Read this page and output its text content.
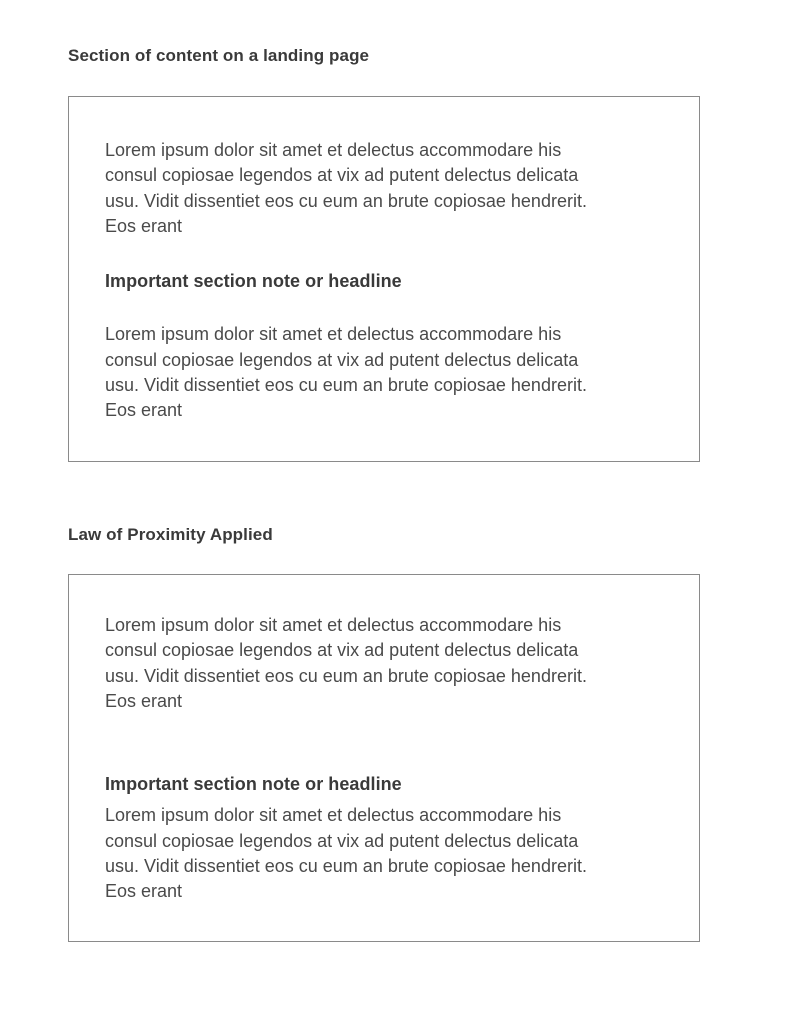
Section of content on a landing page

Lorem ipsum dolor sit amet et delectus accommodare his consul copiosae legendos at vix ad putent delectus delicata usu. Vidit dissentiet eos cu eum an brute copiosae hendrerit. Eos erant

Important section note or headline

Lorem ipsum dolor sit amet et delectus accommodare his consul copiosae legendos at vix ad putent delectus delicata usu. Vidit dissentiet eos cu eum an brute copiosae hendrerit. Eos erant

Law of Proximity Applied

Lorem ipsum dolor sit amet et delectus accommodare his consul copiosae legendos at vix ad putent delectus delicata usu. Vidit dissentiet eos cu eum an brute copiosae hendrerit. Eos erant

Important section note or headline

Lorem ipsum dolor sit amet et delectus accommodare his consul copiosae legendos at vix ad putent delectus delicata usu. Vidit dissentiet eos cu eum an brute copiosae hendrerit. Eos erant
